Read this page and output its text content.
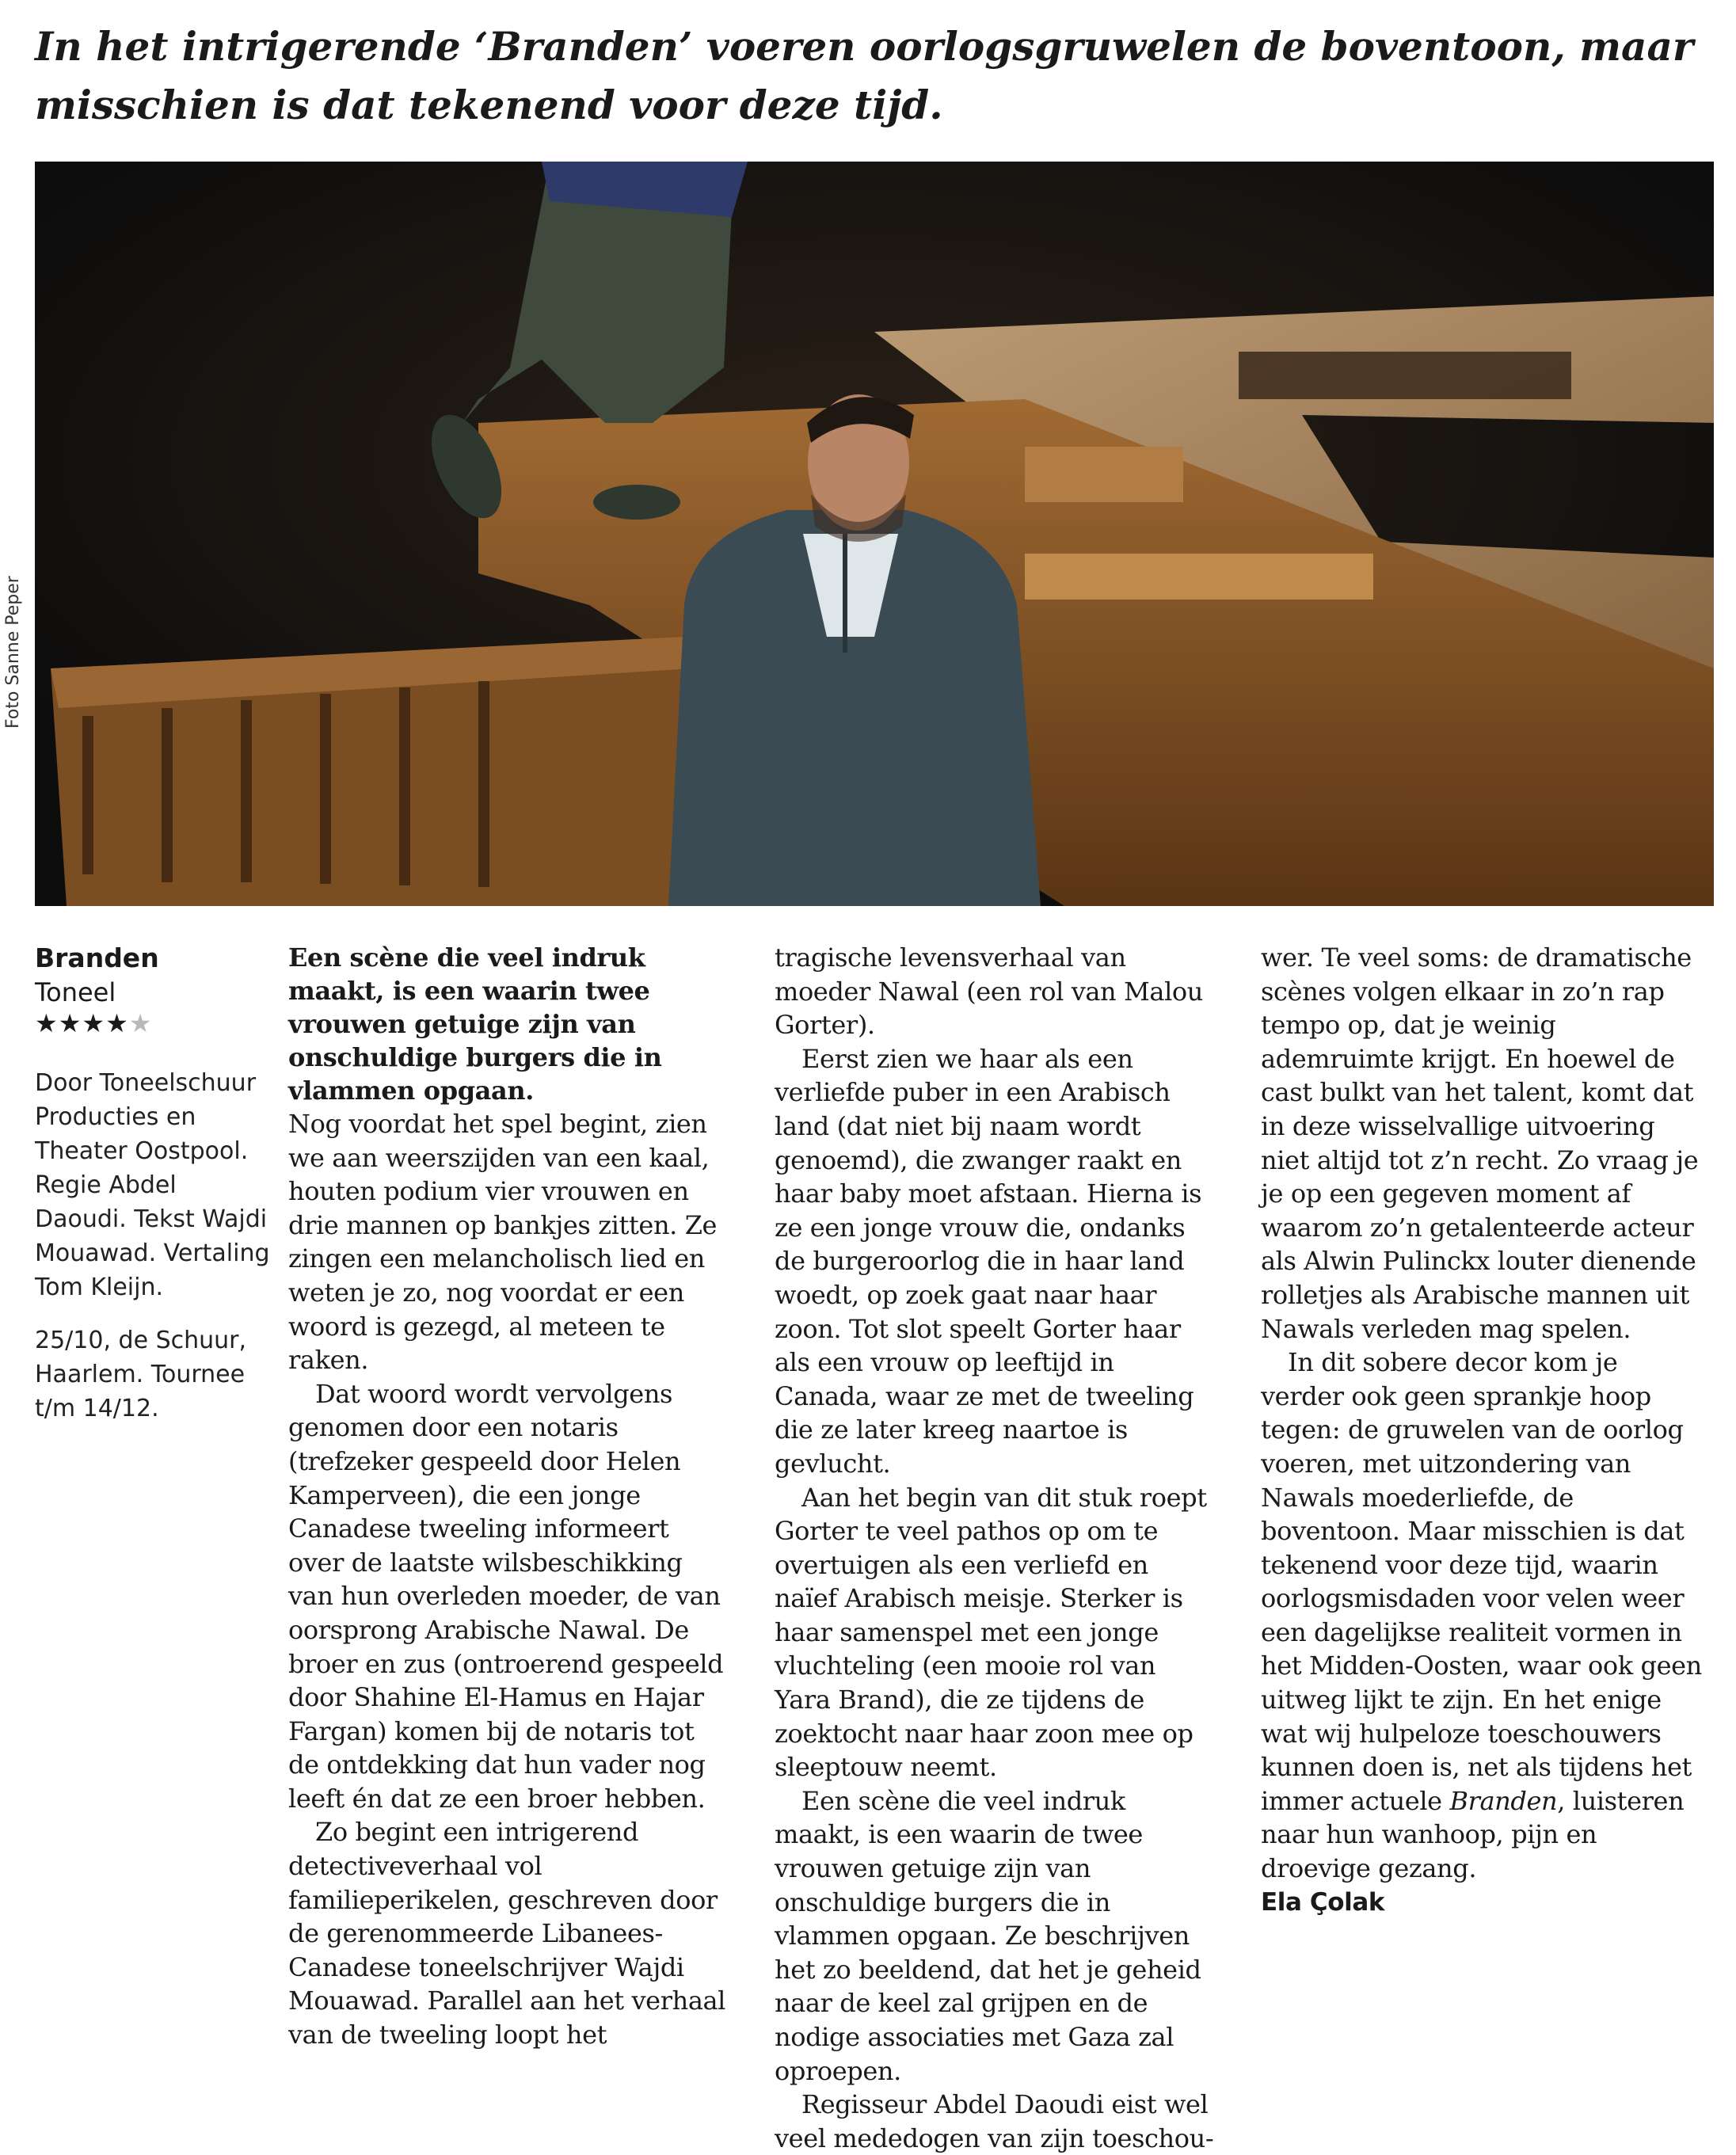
In het intrigerende ‘Branden’ voeren oorlogsgruwelen de boventoon, maar misschien is dat tekenend voor deze tijd.
Foto Sanne Peper
Branden
Toneel
★★★★★
Door Toneelschuur Producties en Theater Oostpool. Regie Abdel Daoudi. Tekst Wajdi Mouawad. Vertaling Tom Kleijn.
25/10, de Schuur, Haarlem. Tournee t/m 14/12.

Een scène die veel indruk maakt, is een waarin twee vrouwen getuige zijn van onschuldige burgers die in vlammen opgaan.

Nog voordat het spel begint, zien we aan weerszijden van een kaal, houten podium vier vrouwen en drie mannen op bankjes zitten. Ze zingen een melancholisch lied en weten je zo, nog voordat er een woord is gezegd, al meteen te raken.

Dat woord wordt vervolgens genomen door een notaris (trefzeker gespeeld door Helen Kamperveen), die een jonge Canadese tweeling informeert over de laatste wilsbeschikking van hun overleden moeder, de van oorsprong Arabische Nawal. De broer en zus (ontroerend gespeeld door Shahine El-Hamus en Hajar Fargan) komen bij de notaris tot de ontdekking dat hun vader nog leeft én dat ze een broer hebben.

Zo begint een intrigerend detectiveverhaal vol familieperikelen, geschreven door de gerenommeerde Libanees-Canadese toneelschrijver Wajdi Mouawad. Parallel aan het verhaal van de tweeling loopt het

tragische levensverhaal van moeder Nawal (een rol van Malou Gorter).

Eerst zien we haar als een verliefde puber in een Arabisch land (dat niet bij naam wordt genoemd), die zwanger raakt en haar baby moet afstaan. Hierna is ze een jonge vrouw die, ondanks de burgeroorlog die in haar land woedt, op zoek gaat naar haar zoon. Tot slot speelt Gorter haar als een vrouw op leeftijd in Canada, waar ze met de tweeling die ze later kreeg naartoe is gevlucht.

Aan het begin van dit stuk roept Gorter te veel pathos op om te overtuigen als een verliefd en naïef Arabisch meisje. Sterker is haar samenspel met een jonge vluchteling (een mooie rol van Yara Brand), die ze tijdens de zoektocht naar haar zoon mee op sleeptouw neemt.

Een scène die veel indruk maakt, is een waarin de twee vrouwen getuige zijn van onschuldige burgers die in vlammen opgaan. Ze beschrijven het zo beeldend, dat het je geheid naar de keel zal grijpen en de nodige associaties met Gaza zal oproepen.

Regisseur Abdel Daoudi eist wel veel mededogen van zijn toeschou-

wer. Te veel soms: de dramatische scènes volgen elkaar in zo’n rap tempo op, dat je weinig ademruimte krijgt. En hoewel de cast bulkt van het talent, komt dat in deze wisselvallige uitvoering niet altijd tot z’n recht. Zo vraag je je op een gegeven moment af waarom zo’n getalenteerde acteur als Alwin Pulinckx louter dienende rolletjes als Arabische mannen uit Nawals verleden mag spelen.

In dit sobere decor kom je verder ook geen sprankje hoop tegen: de gruwelen van de oorlog voeren, met uitzondering van Nawals moederliefde, de boventoon. Maar misschien is dat tekenend voor deze tijd, waarin oorlogsmisdaden voor velen weer een dagelijkse realiteit vormen in het Midden-Oosten, waar ook geen uitweg lijkt te zijn. En het enige wat wij hulpeloze toeschouwers kunnen doen is, net als tijdens het immer actuele Branden, luisteren naar hun wanhoop, pijn en droevige gezang.

Ela Çolak
